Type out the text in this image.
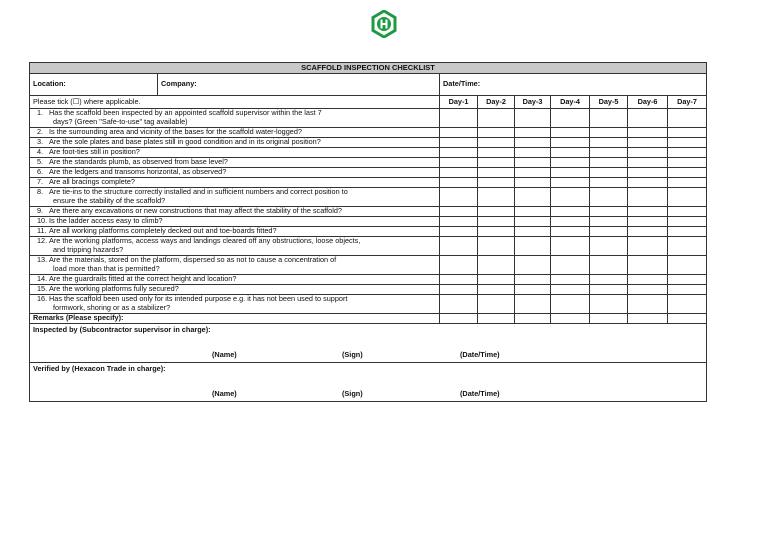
SCAFFOLD INSPECTION CHECKLIST								
Location:	Company:	Date/Time:						
Please tick (☐) where applicable.		Day-1	Day-2	Day-3	Day-4	Day-5	Day-6	Day-7

1. Has the scaffold been inspected by an appointed scaffold supervisor within the last 7
days? (Green "Safe-to-use" tag available)								

2. Is the surrounding area and vicinity of the bases for the scaffold water-logged?								

3. Are the sole plates and base plates still in good condition and in its original position?								

4. Are foot-ties still in position?								

5. Are the standards plumb, as observed from base level?								

6. Are the ledgers and transoms horizontal, as observed?								

7. Are all bracings complete?								

8. Are tie-ins to the structure correctly installed and in sufficient numbers and correct position to
ensure the stability of the scaffold?								

9. Are there any excavations or new constructions that may affect the stability of the scaffold?								

10. Is the ladder access easy to climb?								

11. Are all working platforms completely decked out and toe-boards fitted?								

12. Are the working platforms, access ways and landings cleared off any obstructions, loose objects,
and tripping hazards?								

13. Are the materials, stored on the platform, dispersed so as not to cause a concentration of
load more than that is permitted?								

14. Are the guardrails fitted at the correct height and location?								

15. Are the working platforms fully secured?								

16. Has the scaffold been used only for its intended purpose e.g. it has not been used to support
formwork, shoring or as a stabilizer?								

Remarks (Please specify):								

Inspected by (Subcontractor supervisor in charge):
(Name) (Sign) (Date/Time)								

Verified by (Hexacon Trade in charge):
(Name) (Sign) (Date/Time)								
